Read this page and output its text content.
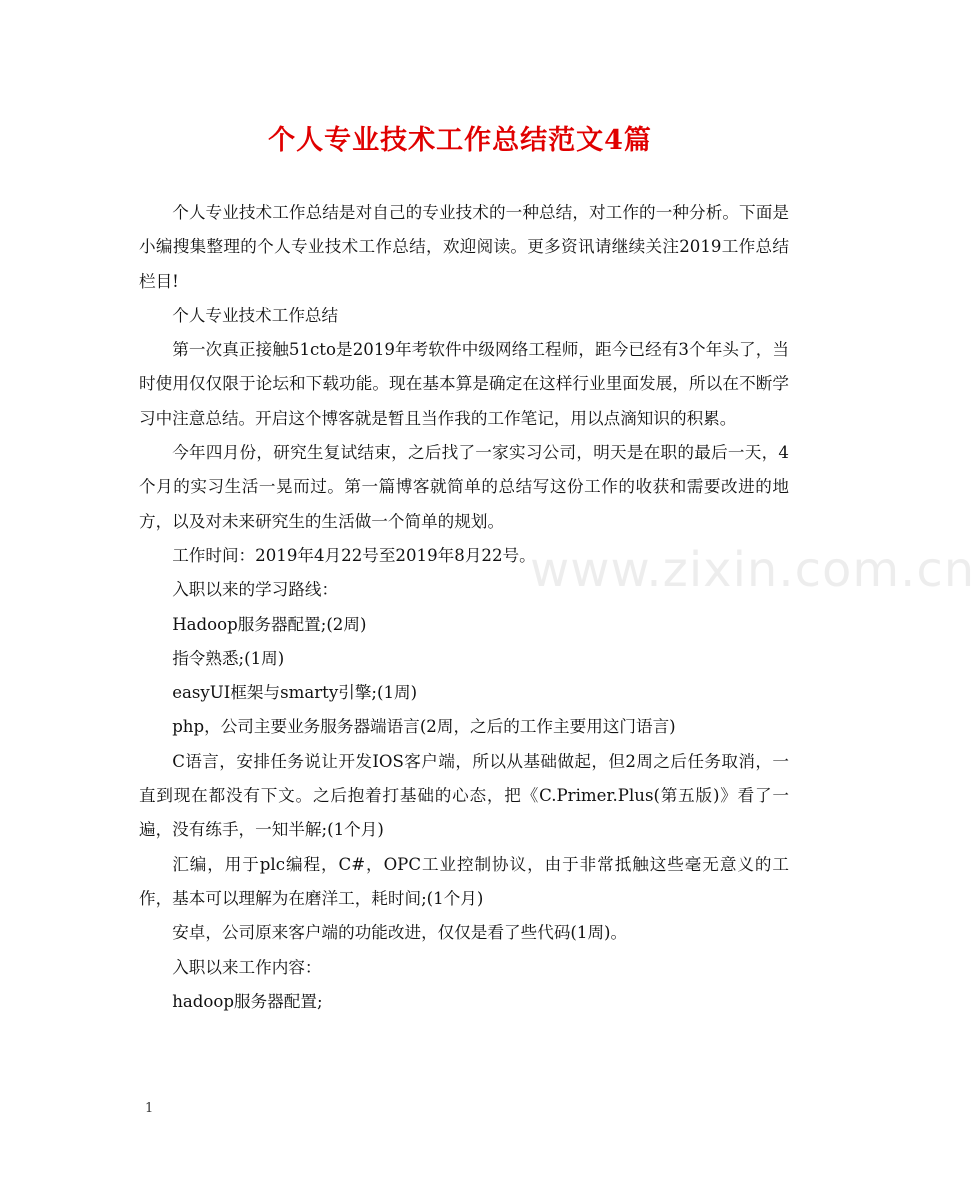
个人专业技术工作总结范文4篇

个人专业技术工作总结是对自己的专业技术的一种总结，对工作的一种分析。下面是小编搜集整理的个人专业技术工作总结，欢迎阅读。更多资讯请继续关注2019工作总结栏目!

个人专业技术工作总结

第一次真正接触51cto是2019年考软件中级网络工程师，距今已经有3个年头了，当时使用仅仅限于论坛和下载功能。现在基本算是确定在这样行业里面发展，所以在不断学习中注意总结。开启这个博客就是暂且当作我的工作笔记，用以点滴知识的积累。

今年四月份，研究生复试结束，之后找了一家实习公司，明天是在职的最后一天，4个月的实习生活一晃而过。第一篇博客就简单的总结写这份工作的收获和需要改进的地方，以及对未来研究生的生活做一个简单的规划。

工作时间：2019年4月22号至2019年8月22号。

入职以来的学习路线：

Hadoop服务器配置;(2周)

指令熟悉;(1周)

easyUI框架与smarty引擎;(1周)

php，公司主要业务服务器端语言(2周，之后的工作主要用这门语言)

C语言，安排任务说让开发IOS客户端，所以从基础做起，但2周之后任务取消，一直到现在都没有下文。之后抱着打基础的心态，把《C.Primer.Plus(第五版)》看了一遍，没有练手，一知半解;(1个月)

汇编，用于plc编程，C#，OPC工业控制协议，由于非常抵触这些毫无意义的工作，基本可以理解为在磨洋工，耗时间;(1个月)

安卓，公司原来客户端的功能改进，仅仅是看了些代码(1周)。

入职以来工作内容：

hadoop服务器配置;

www.zixin.com.cn
1
